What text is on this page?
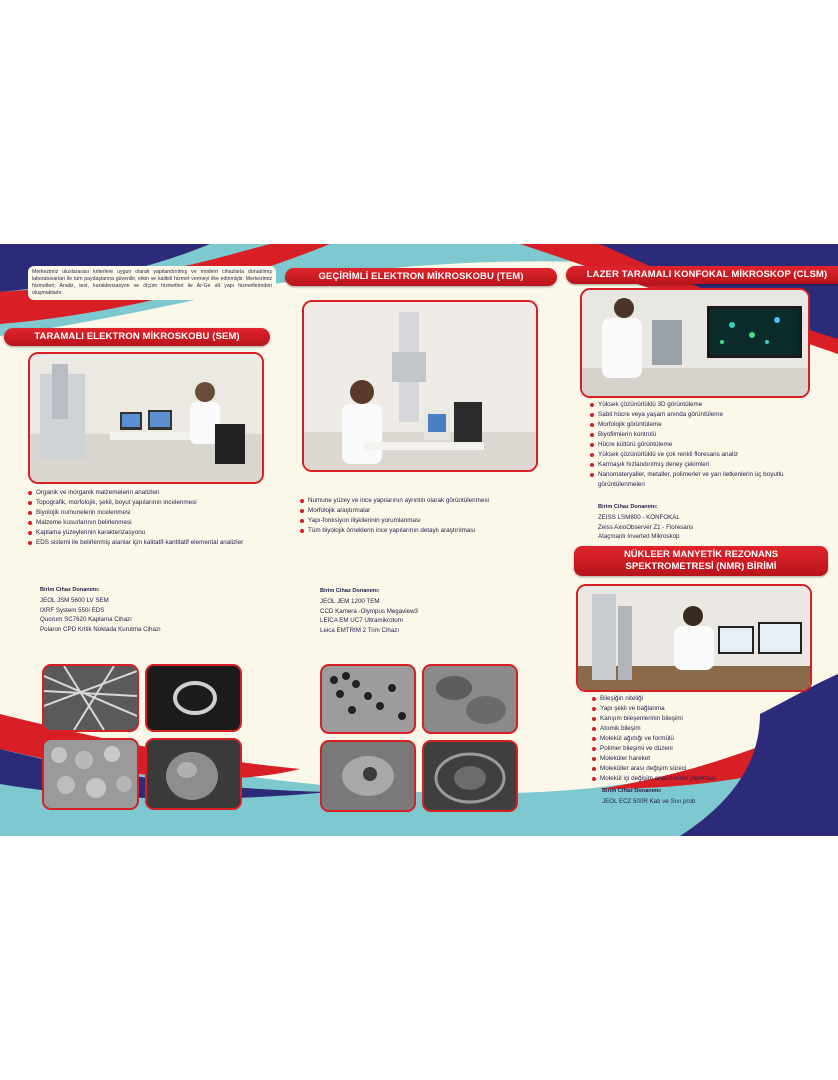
Merkezimiz uluslararası kriterlere uygun olarak yapılandırılmış ve modern cihazlarla donatılmış laboratuvarları ile tüm paydaşlarına güvenilir, etkin ve kaliteli hizmet vermeyi ilke edinmiştir. Merkezimiz hizmetleri; Analiz, test, karakterizasyon ve ölçüm hizmetleri ile Ar-Ge alt yapı hizmetlerinden oluşmaktadır.
TARAMALI ELEKTRON MİKROSKOBU (SEM)
Organik ve inorganik malzemelerin analizleri
Topografik, morfolojik, şekil, boyut yapılarının incelenmesi
Biyolojik numunelerin incelenmesi
Malzeme kusurlarının belirlenmesi
Kaplama yüzeylerinin karakterizasyonu
EDS sistemi ile belirlenmiş alanlar için kalitatif-kantitatif elemental analizler
Birim Cihaz Donanımı:
JEOL JSM 5600 LV SEM
IXRF System 550i EDS
Quorum SC7620 Kaplama Cihazı
Polaron CPD Kritik Noktada Kurutma Cihazı
GEÇİRİMLİ ELEKTRON MİKROSKOBU (TEM)
Numune yüzey ve ince yapılarının ayrıntılı olarak görüntülenmesi
Morfolojik araştırmalar
Yapı-fonksiyon ilişkilerinin yorumlanması
Tüm biyolojik örneklerin ince yapılarının detaylı araştırılması
Birim Cihaz Donanımı:
JEOL JEM 1200 TEM
CCD Kamera -Olympus Megaview3
LEICA EM UC7 Ultramikrotom
Leica EMTRIM 2 Trim Cihazı
LAZER TARAMALI KONFOKAL MİKROSKOP (CLSM)
Yüksek çözünürlüklü 3D görüntüleme
Sabit hücre veya yaşam anında görüntüleme
Morfolojik görüntüleme
Biyofilmlerin kontrolü
Hücre kültürü görüntüleme
Yüksek çözünürlüklü ve çok renkli floresans analiz
Karmaşık hızlandırılmış deney çekimleri
Nanomateryaller, metaller, polimerler ve yarı iletkenlerin üç boyutlu görüntülenmeleri
Birim Cihaz Donanımı:
ZEISS LSM800 - KONFOKAL
Zeiss AxioObserver Z1 - Floresans
Ataçmanlı Inverted Mikroskop
NÜKLEER MANYETİK REZONANS
SPEKTROMETRESİ (NMR) BİRİMİ
Bileşiğin niteliği
Yapı şekli ve bağlanma
Karışım bileşenlerinin bileşimi
Atomik bileşim
Molekül ağırlığı ve formülü
Polimer bileşimi ve düzeni
Moleküler hareket
Moleküller arası değişim süreci
Molekül içi değişim analizlerinin yapılması
Birim Cihaz Donanımı:
JEOL ECZ 500R Katı ve Sıvı prob
